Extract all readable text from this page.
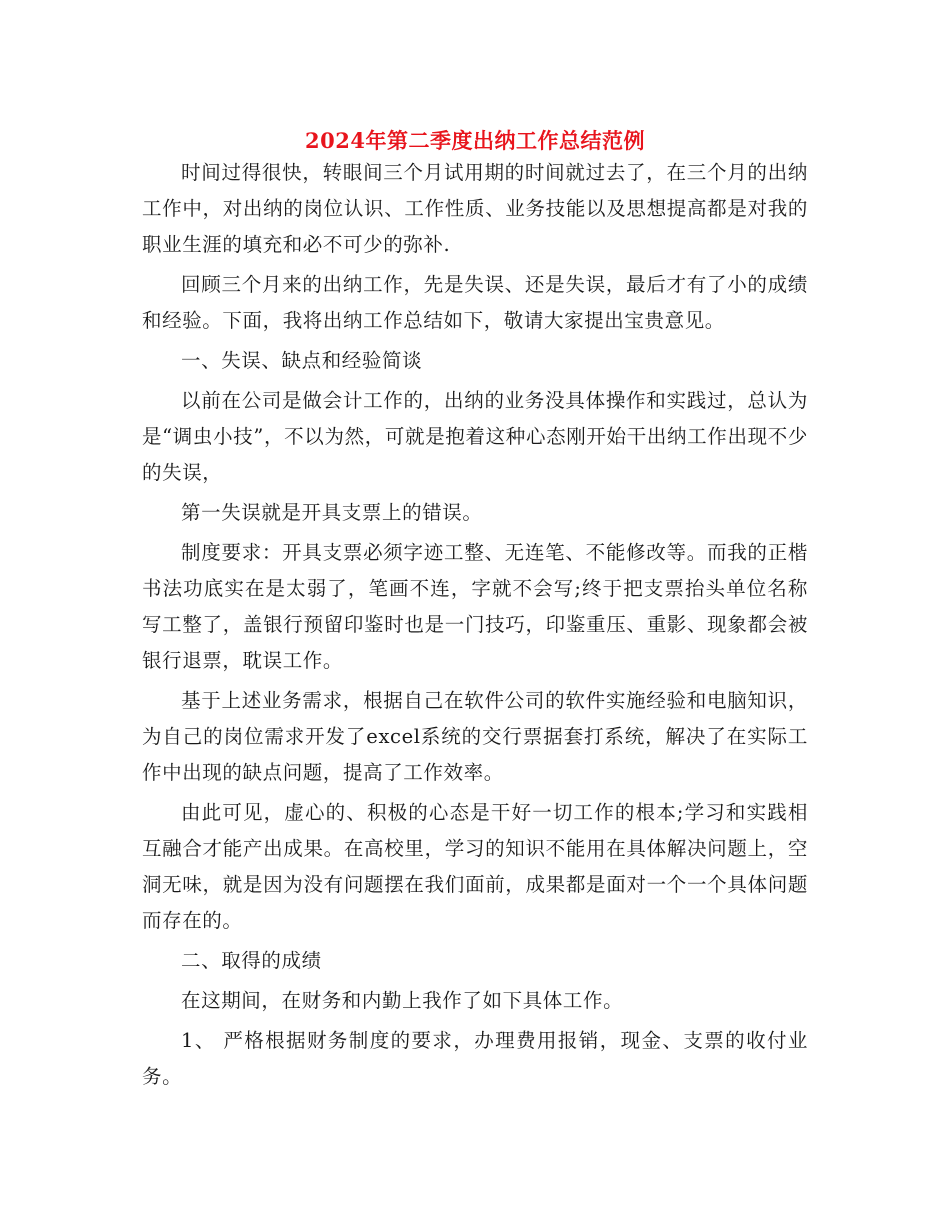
2024年第二季度出纳工作总结范例

时间过得很快，转眼间三个月试用期的时间就过去了，在三个月的出纳工作中，对出纳的岗位认识、工作性质、业务技能以及思想提高都是对我的职业生涯的填充和必不可少的弥补.

回顾三个月来的出纳工作，先是失误、还是失误，最后才有了小的成绩和经验。下面，我将出纳工作总结如下，敬请大家提出宝贵意见。

一、失误、缺点和经验简谈

以前在公司是做会计工作的，出纳的业务没具体操作和实践过，总认为是“调虫小技”，不以为然，可就是抱着这种心态刚开始干出纳工作出现不少的失误，

第一失误就是开具支票上的错误。

制度要求：开具支票必须字迹工整、无连笔、不能修改等。而我的正楷书法功底实在是太弱了，笔画不连，字就不会写;终于把支票抬头单位名称写工整了，盖银行预留印鉴时也是一门技巧，印鉴重压、重影、现象都会被银行退票，耽误工作。

基于上述业务需求，根据自己在软件公司的软件实施经验和电脑知识，为自己的岗位需求开发了excel系统的交行票据套打系统，解决了在实际工作中出现的缺点问题，提高了工作效率。

由此可见，虚心的、积极的心态是干好一切工作的根本;学习和实践相互融合才能产出成果。在高校里，学习的知识不能用在具体解决问题上，空洞无味，就是因为没有问题摆在我们面前，成果都是面对一个一个具体问题而存在的。

二、取得的成绩

在这期间，在财务和内勤上我作了如下具体工作。

1、 严格根据财务制度的要求，办理费用报销，现金、支票的收付业务。
